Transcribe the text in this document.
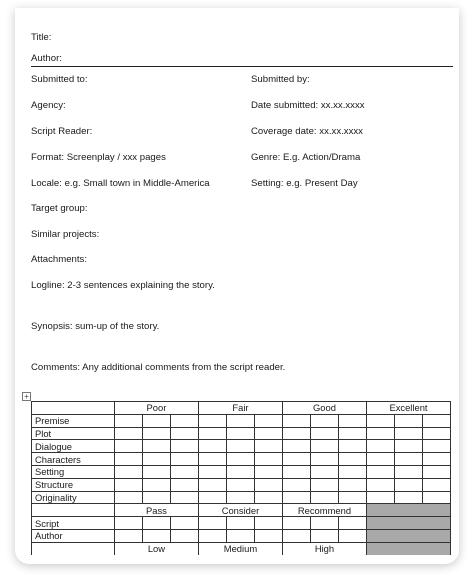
Title:
Author:
Submitted to:
Agency:
Script Reader:
Format: Screenplay / xxx pages
Locale: e.g. Small town in Middle-America
Target group:
Similar projects:
Attachments:
Submitted by:
Date submitted: xx.xx.xxxx
Coverage date: xx.xx.xxxx
Genre: E.g. Action/Drama
Setting: e.g. Present Day
Logline: 2-3 sentences explaining the story.
Synopsis: sum-up of the story.
Comments: Any additional comments from the script reader.
+
	Poor			Fair			Good			Excellent		
Premise												
Plot												
Dialogue												
Characters												
Setting												
Structure												
Originality												
	Pass			Consider			Recommend					
Script												
Author												
	Low			Medium			High					
